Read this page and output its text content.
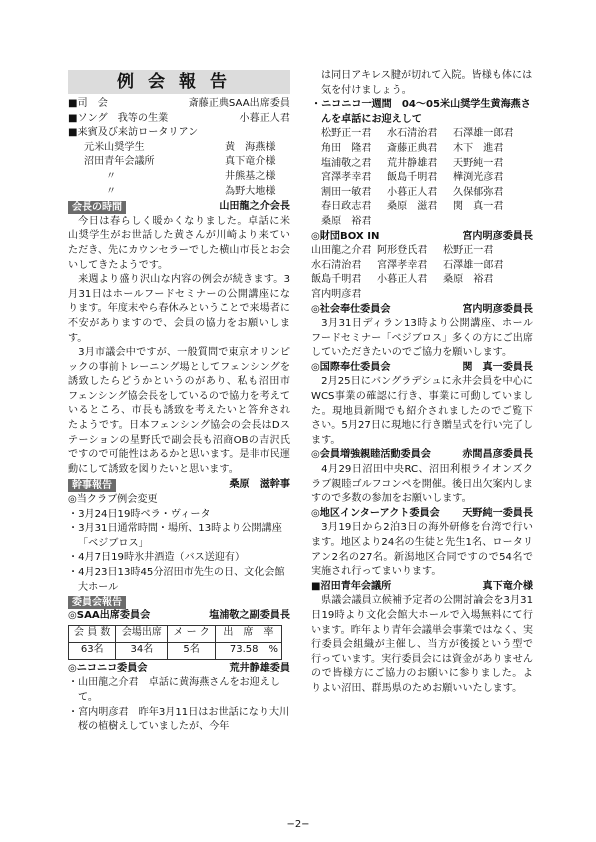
例会報告
■司　会	斎藤正典SAA出席委員
■ソング　我等の生業	小暮正人君
■来賓及び来訪ロータリアン
元米山奨学生	黄　海燕様
沼田青年会議所	真下竜介様
〃	井熊基之様
〃	為野大地様
会長の時間	山田龍之介会長
今日は春らしく暖かくなりました。卓話に米山奨学生がお世話した黄さんが川崎より来ていただき、先にカウンセラーでした横山市長とお会いしてきたようです。
来週より盛り沢山な内容の例会が続きます。3月31日はホールフードセミナーの公開講座になります。年度末やら春休みということで来場者に不安がありますので、会員の協力をお願いします。
3月市議会中ですが、一般質問で東京オリンピックの事前トレーニング場としてフェンシングを誘致したらどうかというのがあり、私も沼田市フェンシング協会長をしているので協力を考えているところ、市長も誘致を考えたいと答弁されたようです。日本フェンシング協会の会長はDステーションの星野氏で副会長も沼商OBの吉沢氏ですので可能性はあるかと思います。是非市民運動にして誘致を図りたいと思います。
幹事報告	桑原　滋幹事
◎当クラブ例会変更
・3月24日19時ベラ・ヴィータ
・3月31日通常時間・場所、13時より公開講座「ベジブロス」
・4月7日19時氷井酒造（バス送迎有）
・4月23日13時45分沼田市先生の日、文化会館大ホール
委員会報告
◎SAA出席委員会	塩浦敬之副委員長
会 員 数	会場出席	メ ー ク	出　席　率
63名	34名	5名	73.58　%
◎ニコニコ委員会	荒井静雄委員
・山田龍之介君　卓話に黄海燕さんをお迎えして。
・宮内明彦君　昨年3月11日はお世話になり大川桜の植樹えしていましたが、今年
は同日アキレス腱が切れて入院。皆様も体には気を付けましょう。
・ニコニコ一週間　04〜05米山奨学生黄海燕さんを卓話にお迎えして
松野正一君	水石清治君	石澤雄一郎君
角田　隆君	斎藤正典君	木下　進君
塩浦敬之君	荒井静雄君	天野純一君
宮澤孝幸君	飯島千明君	樺渕光彦君
割田一敏君	小暮正人君	久保郁弥君
春日政志君	桑原　滋君	関　真一君
桑原　裕君
◎財団BOX IN	宮内明彦委員長
山田龍之介君 阿形登氏君	松野正一君
水石清治君	宮澤孝幸君	石澤雄一郎君
飯島千明君	小暮正人君	桑原　裕君
宮内明彦君
◎社会奉仕委員会	宮内明彦委員長
3月31日ディラン13時より公開講座、ホールフードセミナー「ベジブロス」多くの方にご出席していただきたいのでご協力を願いします。
◎国際奉仕委員会	関　真一委員長
2月25日にバングラデシュに永井会員を中心にWCS事業の確認に行き、事業に可動していました。現地員新聞でも紹介されましたのでご覧下さい。5月27日に現地に行き贈呈式を行い完了します。
◎会員増強親睦活動委員会	赤間昌彦委員長
4月29日沼田中央RC、沼田利根ライオンズクラブ親睦ゴルフコンペを開催。後日出欠案内しますので多数の参加をお願いします。
◎地区インターアクト委員会 天野純一委員長
3月19日から2泊3日の海外研修を台湾で行います。地区より24名の生徒と先生1名、ロータリアン2名の27名。新潟地区合同ですので54名で実施され行ってまいります。
■沼田青年会議所	真下竜介様
県議会議員立候補予定者の公開討論会を3月31日19時より文化会館大ホールで入場無料にて行います。昨年より青年会議単会事業ではなく、実行委員会組織が主催し、当方が後援という型で行っています。実行委員会には資金がありませんので皆様方にご協力のお願いに参りました。よりよい沼田、群馬県のためお願いいたします。
−2−
